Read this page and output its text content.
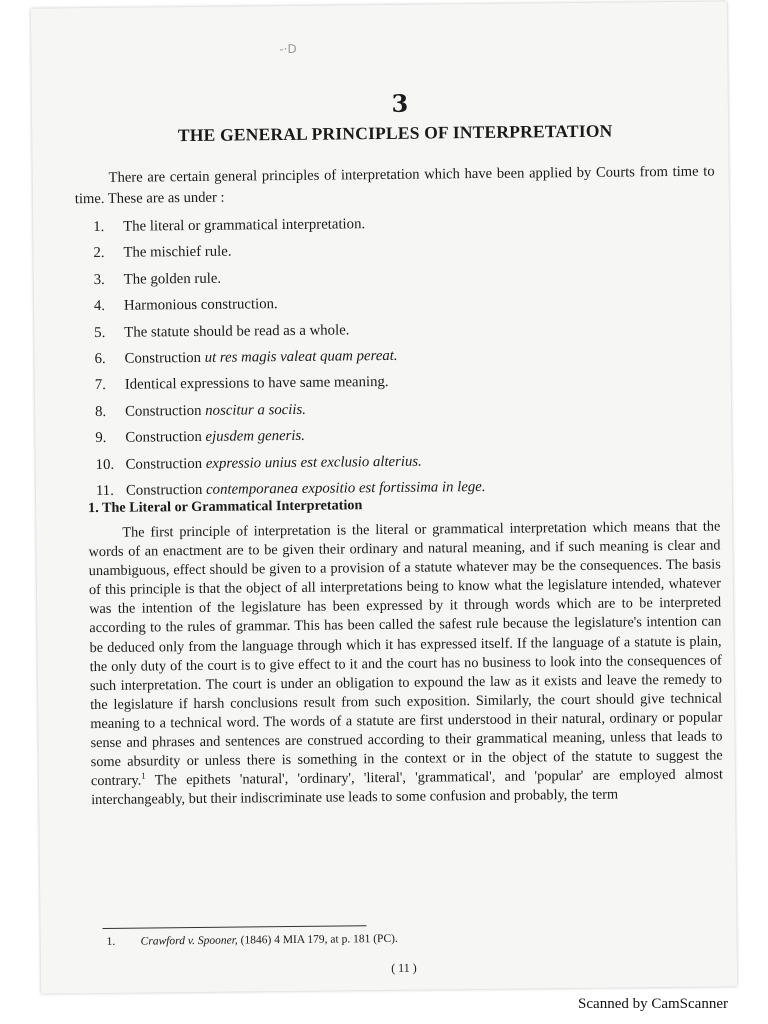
-·D
3
THE GENERAL PRINCIPLES OF INTERPRETATION
There are certain general principles of interpretation which have been applied by Courts from time to time. These are as under :
1. The literal or grammatical interpretation.
2. The mischief rule.
3. The golden rule.
4. Harmonious construction.
5. The statute should be read as a whole.
6. Construction ut res magis valeat quam pereat.
7. Identical expressions to have same meaning.
8. Construction noscitur a sociis.
9. Construction ejusdem generis.
10. Construction expressio unius est exclusio alterius.
11. Construction contemporanea expositio est fortissima in lege.
1. The Literal or Grammatical Interpretation

The first principle of interpretation is the literal or grammatical interpretation which means that the words of an enactment are to be given their ordinary and natural meaning, and if such meaning is clear and unambiguous, effect should be given to a provision of a statute whatever may be the consequences. The basis of this principle is that the object of all interpretations being to know what the legislature intended, whatever was the intention of the legislature has been expressed by it through words which are to be interpreted according to the rules of grammar. This has been called the safest rule because the legislature's intention can be deduced only from the language through which it has expressed itself. If the language of a statute is plain, the only duty of the court is to give effect to it and the court has no business to look into the consequences of such interpretation. The court is under an obligation to expound the law as it exists and leave the remedy to the legislature if harsh conclusions result from such exposition. Similarly, the court should give technical meaning to a technical word. The words of a statute are first understood in their natural, ordinary or popular sense and phrases and sentences are construed according to their grammatical meaning, unless that leads to some absurdity or unless there is something in the context or in the object of the statute to suggest the contrary.$^1$ The epithets 'natural', 'ordinary', 'literal', 'grammatical', and 'popular' are employed almost interchangeably, but their indiscriminate use leads to some confusion and probably, the term

1. Crawford v. Spooner, (1846) 4 MIA 179, at p. 181 (PC).
( 11 )
Scanned by CamScanner
